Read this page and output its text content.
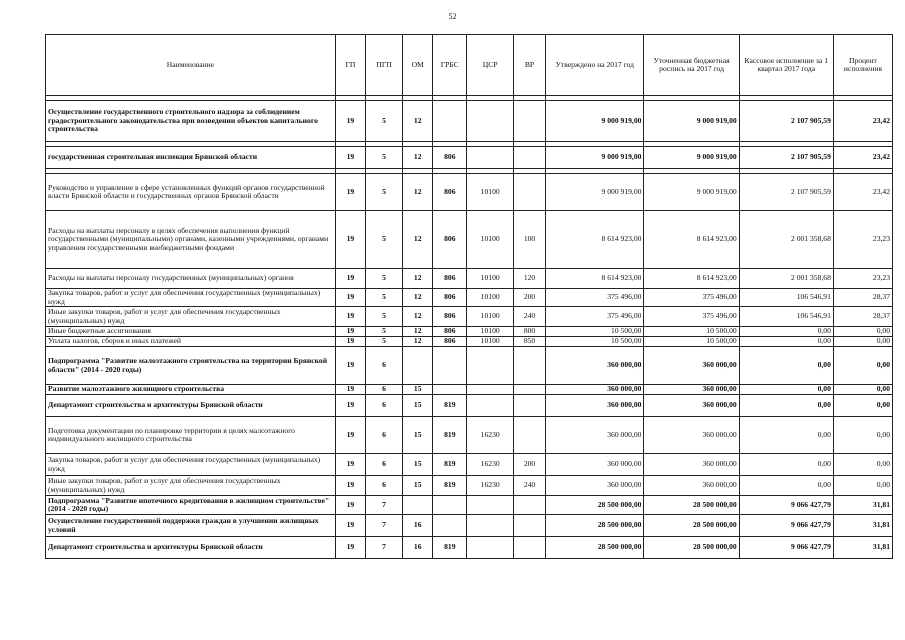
52
Наименование	ГП	ПГП	ОМ	ГРБС	ЦСР	ВР	Утверждено на 2017 год	Уточненная бюджетная роспись на 2017 год	Кассовое исполнение за 1 квартал 2017 года	Процент исполнения

Осуществление государственного строительного надзора за соблюдением градостроительного законодательства при возведении объектов капитального строительства	19	5	12				9 000 919,00	9 000 919,00	2 107 905,59	23,42

государственная строительная инспекция Брянской области	19	5	12	806			9 000 919,00	9 000 919,00	2 107 905,59	23,42

Руководство и управление в сфере установленных функций органов государственной власти Брянской области и государственных органов Брянской области	19	5	12	806	10100		9 000 919,00	9 000 919,00	2 107 905,59	23,42
Расходы на выплаты персоналу в целях обеспечения выполнения функций государственными (муниципальными) органами, казенными учреждениями, органами управления государственными внебюджетными фондами	19	5	12	806	10100	100	8 614 923,00	8 614 923,00	2 001 358,68	23,23
Расходы на выплаты персоналу государственных (муниципальных) органов	19	5	12	806	10100	120	8 614 923,00	8 614 923,00	2 001 358,68	23,23
Закупка товаров, работ и услуг для обеспечения государственных (муниципальных) нужд	19	5	12	806	10100	200	375 496,00	375 496,00	106 546,91	28,37
Иные закупки товаров, работ и услуг для обеспечения государственных (муниципальных) нужд	19	5	12	806	10100	240	375 496,00	375 496,00	106 546,91	28,37
Иные бюджетные ассигнования	19	5	12	806	10100	800	10 500,00	10 500,00	0,00	0,00
Уплата налогов, сборов и иных платежей	19	5	12	806	10100	850	10 500,00	10 500,00	0,00	0,00
Подпрограмма "Развитие малоэтажного строительства на территории Брянской области" (2014 - 2020 годы)	19	6					360 000,00	360 000,00	0,00	0,00
Развитие малоэтажного жилищного строительства	19	6	15				360 000,00	360 000,00	0,00	0,00
Департамент строительства и архитектуры Брянской области	19	6	15	819			360 000,00	360 000,00	0,00	0,00
Подготовка документации по планировке территории в целях малоэтажного индивидуального жилищного строительства	19	6	15	819	16230		360 000,00	360 000,00	0,00	0,00
Закупка товаров, работ и услуг для обеспечения государственных (муниципальных) нужд	19	6	15	819	16230	200	360 000,00	360 000,00	0,00	0,00
Иные закупки товаров, работ и услуг для обеспечения государственных (муниципальных) нужд	19	6	15	819	16230	240	360 000,00	360 000,00	0,00	0,00
Подпрограмма "Развитие ипотечного кредитования в жилищном строительстве" (2014 - 2020 годы)	19	7					28 500 000,00	28 500 000,00	9 066 427,79	31,81
Осуществление государственной поддержки граждан в улучшении жилищных условий	19	7	16				28 500 000,00	28 500 000,00	9 066 427,79	31,81
Департамент строительства и архитектуры Брянской области	19	7	16	819			28 500 000,00	28 500 000,00	9 066 427,79	31,81
